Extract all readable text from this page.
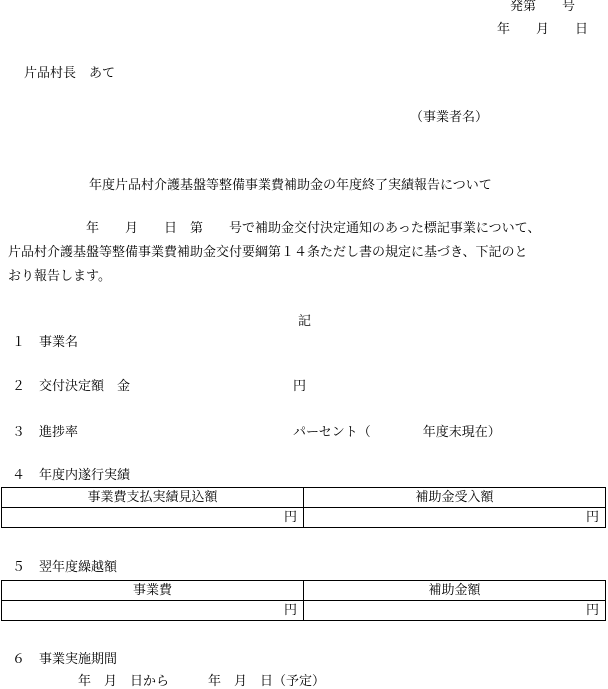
発第　　号
年　　月　　日
片品村長　あて
（事業者名）
年度片品村介護基盤等整備事業費補助金の年度終了実績報告について
年　　月　　日　第　　号で補助金交付決定通知のあった標記事業について、
片品村介護基盤等整備事業費補助金交付要綱第１４条ただし書の規定に基づき、下記のと
おり報告します。
記
１ 事業名
２ 交付決定額　金	円
３ 進捗率	パーセント（　　　　年度末現在）
４ 年度内遂行実績
事業費支払実績見込額	補助金受入額
円	円
５ 翌年度繰越額
事業費	補助金額
円	円
６ 事業実施期間
年　月　日から　　　年　月　日（予定）
